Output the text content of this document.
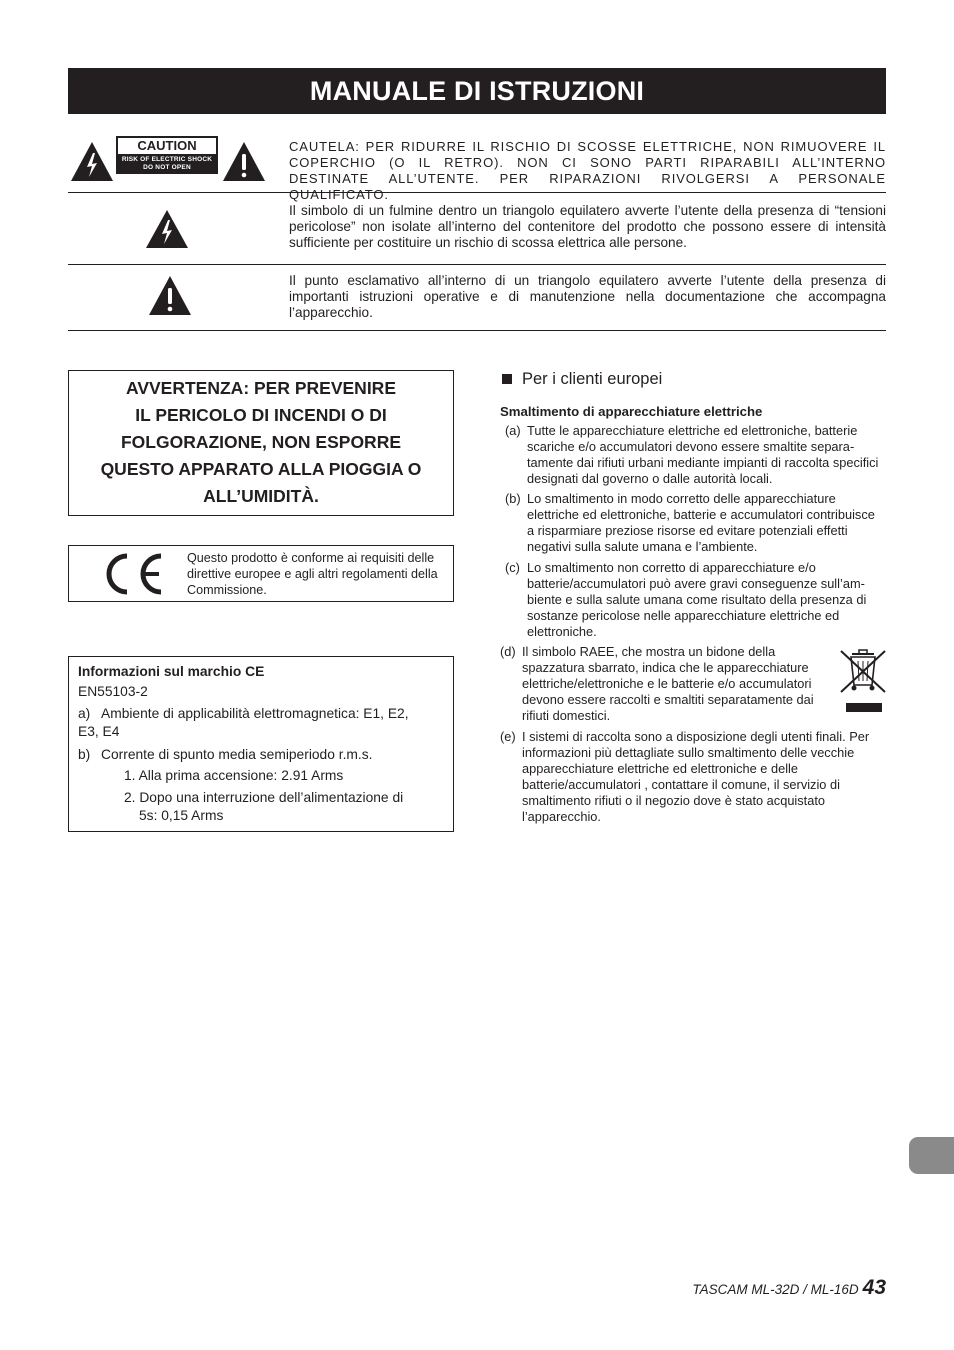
MANUALE DI ISTRUZIONI
CAUTION
RISK OF ELECTRIC SHOCK
DO NOT OPEN
CAUTELA: PER RIDURRE IL RISCHIO DI SCOSSE ELETTRICHE, NON RIMUOVERE IL COPERCHIO (O IL RETRO). NON CI SONO PARTI RIPARABILI ALL’INTERNO DESTINATE ALL’UTENTE. PER RIPARAZIONI RIVOLGERSI A PERSONALE QUALIFICATO.
Il simbolo di un fulmine dentro un triangolo equilatero avverte l’utente della presenza di “tensioni pericolose” non isolate all’interno del contenitore del prodotto che possono essere di intensità sufficiente per costituire un rischio di scossa elettrica alle persone.
Il punto esclamativo all’interno di un triangolo equilatero avverte l’utente della presenza di importanti istruzioni operative e di manutenzione nella documentazione che accompagna l’apparecchio.
AVVERTENZA: PER PREVENIRE
IL PERICOLO DI INCENDI O DI
FOLGORAZIONE, NON ESPORRE
QUESTO APPARATO ALLA PIOGGIA O
ALL’UMIDITÀ.
Questo prodotto è conforme ai requisiti delle direttive europee e agli altri regolamenti della Commissione.
Informazioni sul marchio CE
EN55103-2
a) Ambiente di applicabilità elettromagnetica: E1, E2,
E3, E4
b) Corrente di spunto media semiperiodo r.m.s.
1. Alla prima accensione: 2.91 Arms
2. Dopo una interruzione dell’alimentazione di
5s: 0,15 Arms
Per i clienti europei
Smaltimento di apparecchiature elettriche
(a) Tutte le apparecchiature elettriche ed elettroniche, batterie scariche e/o accumulatori devono essere smaltite separatamente dai rifiuti urbani mediante impianti di raccolta specifici designati dal governo o dalle autorità locali.
(b) Lo smaltimento in modo corretto delle apparecchiature elettriche ed elettroniche, batterie e accumulatori contribuisce a risparmiare preziose risorse ed evitare potenziali effetti negativi sulla salute umana e l’ambiente.
(c) Lo smaltimento non corretto di apparecchiature e/o batterie/accumulatori può avere gravi conseguenze sull’ambiente e sulla salute umana come risultato della presenza di sostanze pericolose nelle apparecchiature elettriche ed elettroniche.
(d) Il simbolo RAEE, che mostra un bidone della spazzatura sbarrato, indica che le apparecchiature elettriche/elettroniche e le batterie e/o accumulatori devono essere raccolti e smaltiti separatamente dai rifiuti domestici.
(e) I sistemi di raccolta sono a disposizione degli utenti finali. Per informazioni più dettagliate sullo smaltimento delle vecchie apparecchiature elettriche ed elettroniche e delle batterie/accumulatori , contattare il comune, il servizio di smaltimento rifiuti o il negozio dove è stato acquistato l’apparecchio.
TASCAM ML-32D / ML-16D 43
